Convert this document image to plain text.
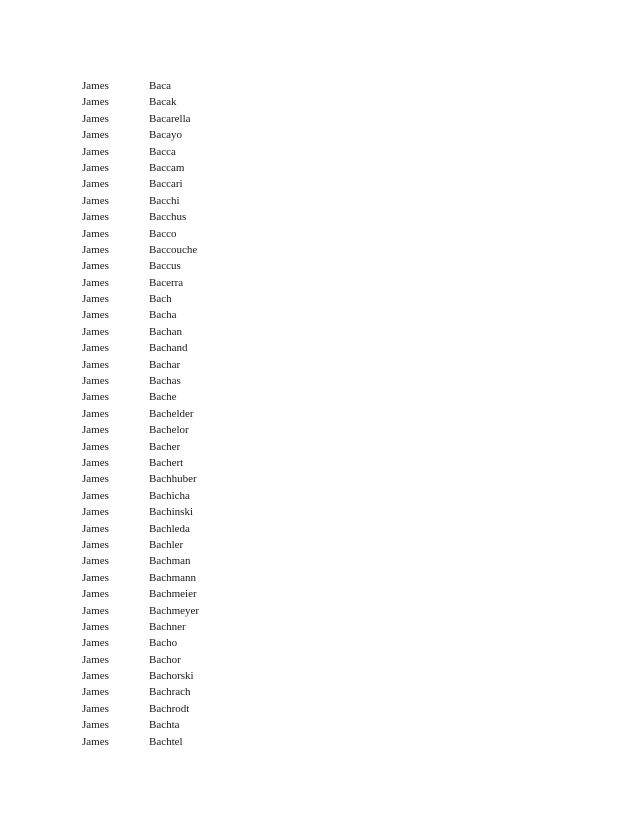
James	Baca
James	Bacak
James	Bacarella
James	Bacayo
James	Bacca
James	Baccam
James	Baccari
James	Bacchi
James	Bacchus
James	Bacco
James	Baccouche
James	Baccus
James	Bacerra
James	Bach
James	Bacha
James	Bachan
James	Bachand
James	Bachar
James	Bachas
James	Bache
James	Bachelder
James	Bachelor
James	Bacher
James	Bachert
James	Bachhuber
James	Bachicha
James	Bachinski
James	Bachleda
James	Bachler
James	Bachman
James	Bachmann
James	Bachmeier
James	Bachmeyer
James	Bachner
James	Bacho
James	Bachor
James	Bachorski
James	Bachrach
James	Bachrodt
James	Bachta
James	Bachtel
